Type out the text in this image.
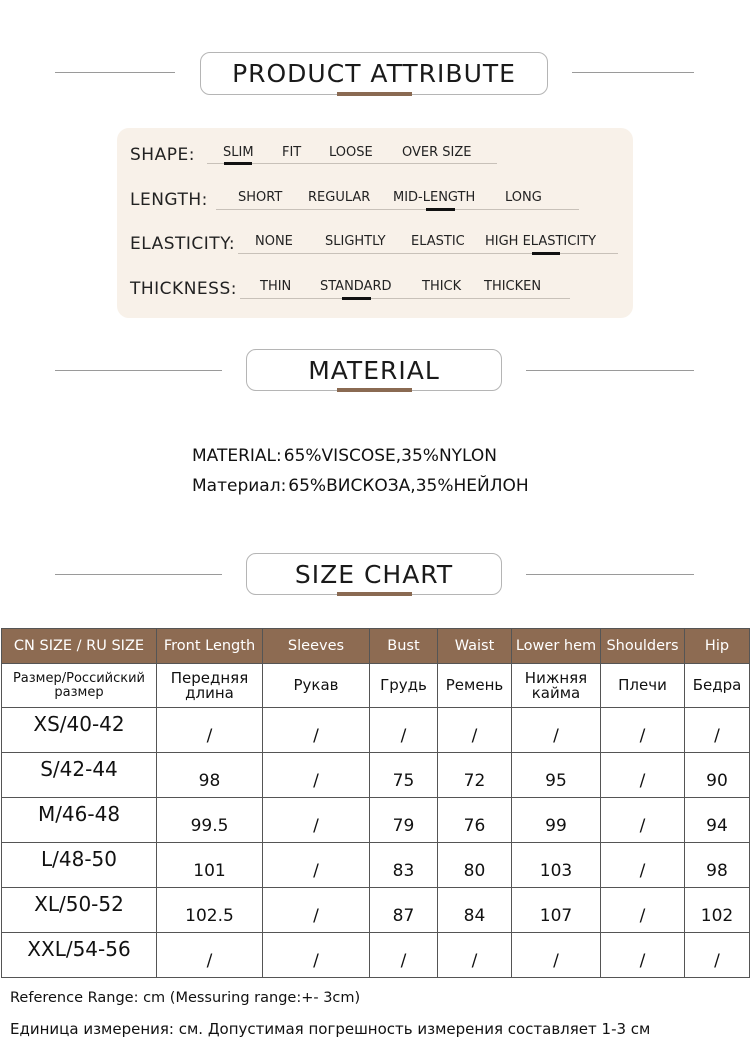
PRODUCT ATTRIBUTE
SHAPE: SLIM FIT LOOSE OVER SIZE
LENGTH: SHORT REGULAR MID-LENGTH LONG
ELASTICITY: NONE SLIGHTLY ELASTIC HIGH ELASTICITY
THICKNESS: THIN STANDARD THICK THICKEN
MATERIAL
MATERIAL: 65%VISCOSE,35%NYLON
Материал: 65%ВИСКОЗА,35%НЕЙЛОН
SIZE CHART
CN SIZE / RU SIZE	Front Length	Sleeves	Bust	Waist	Lower hem	Shoulders	Hip
Размер/Российский размер	Передняя длина	Рукав	Грудь	Ремень	Нижняя кайма	Плечи	Бедра
XS/40-42	/	/	/	/	/	/	/
S/42-44	98	/	75	72	95	/	90
M/46-48	99.5	/	79	76	99	/	94
L/48-50	101	/	83	80	103	/	98
XL/50-52	102.5	/	87	84	107	/	102
XXL/54-56	/	/	/	/	/	/	/
Reference Range: cm (Messuring range:+- 3cm)
Единица измерения: см. Допустимая погрешность измерения составляет 1-3 см
